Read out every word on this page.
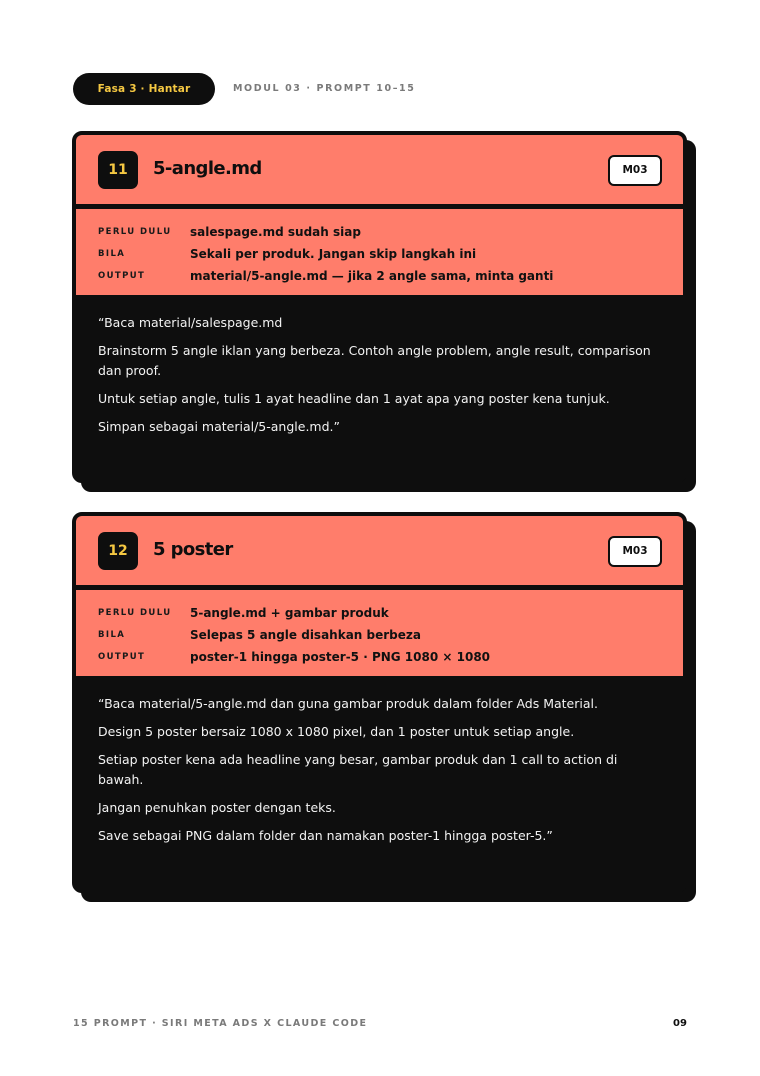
Fasa 3 · Hantar	MODUL 03 · PROMPT 10–15
11	5-angle.md	M03
PERLU DULU	salespage.md sudah siap
BILA	Sekali per produk. Jangan skip langkah ini
OUTPUT	material/5-angle.md — jika 2 angle sama, minta ganti

“Baca material/salespage.md

Brainstorm 5 angle iklan yang berbeza. Contoh angle problem, angle result, comparison dan proof.

Untuk setiap angle, tulis 1 ayat headline dan 1 ayat apa yang poster kena tunjuk.

Simpan sebagai material/5-angle.md.”

12	5 poster	M03
PERLU DULU	5-angle.md + gambar produk
BILA	Selepas 5 angle disahkan berbeza
OUTPUT	poster-1 hingga poster-5 · PNG 1080 × 1080

“Baca material/5-angle.md dan guna gambar produk dalam folder Ads Material.

Design 5 poster bersaiz 1080 x 1080 pixel, dan 1 poster untuk setiap angle.

Setiap poster kena ada headline yang besar, gambar produk dan 1 call to action di bawah.

Jangan penuhkan poster dengan teks.

Save sebagai PNG dalam folder dan namakan poster-1 hingga poster-5.”

15 PROMPT · SIRI META ADS X CLAUDE CODE	09
